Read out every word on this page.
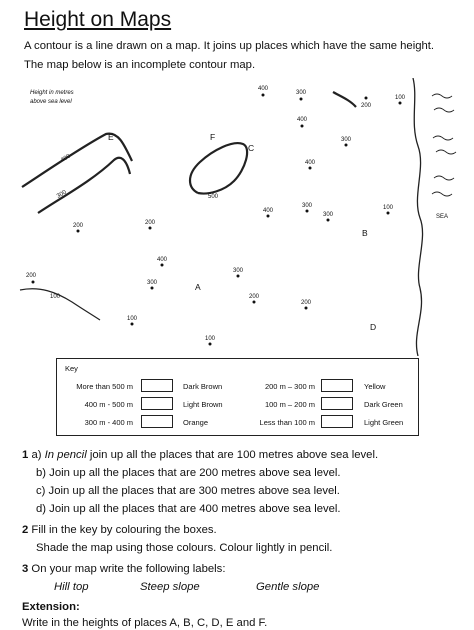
Height on Maps
A contour is a line drawn on a map. It joins up places which have the same height.
The map below is an incomplete contour map.
Height in metres
above sea level
SEA
400
300	500
100
400
300
200
100
400
300
400
300
400
300
100
200	200
400
300
200
300
200
200
100
100
A
B
C
D
E	F
Key
More than 500 m	Dark Brown	200 m – 300 m	Yellow
400 m - 500 m	Light Brown	100 m – 200 m	Dark Green
300 m - 400 m	Orange	Less than 100 m	Light Green
1 a) In pencil join up all the places that are 100 metres above sea level.
b) Join up all the places that are 200 metres above sea level.
c) Join up all the places that are 300 metres above sea level.
d) Join up all the places that are 400 metres above sea level.
2 Fill in the key by colouring the boxes.
Shade the map using those colours. Colour lightly in pencil.
3 On your map write the following labels:
Hill top	Steep slope	Gentle slope
Extension:
Write in the heights of places A, B, C, D, E and F.
